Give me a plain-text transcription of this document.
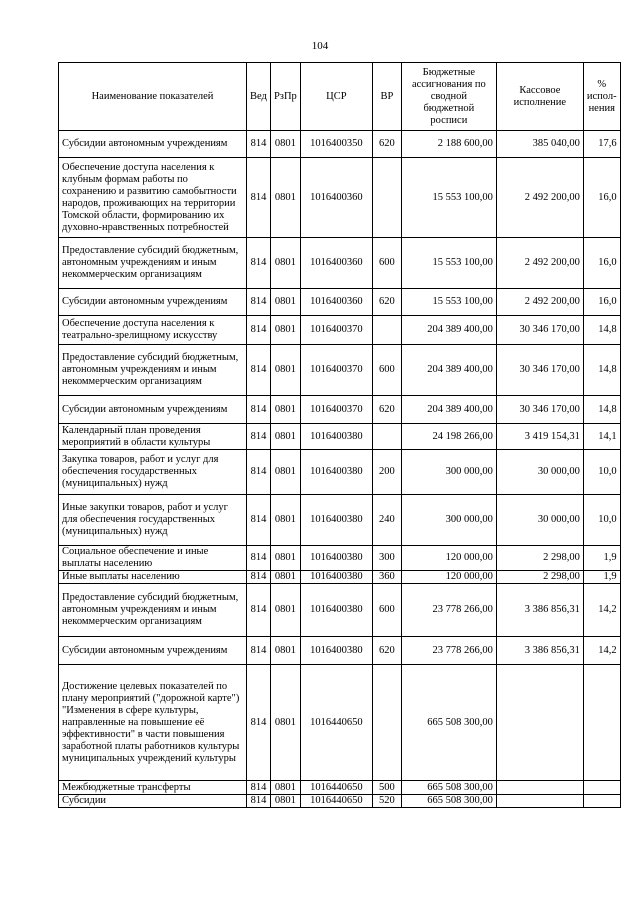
104
Наименование показателей	Вед	РзПр	ЦСР	ВР	Бюджетные ассигнования по сводной бюджетной росписи	Кассовое исполнение	% испол-нения
Субсидии автономным учреждениям	814	0801	1016400350	620	2 188 600,00	385 040,00	17,6
Обеспечение доступа населения к клубным формам работы по сохранению и развитию самобытности народов, проживающих на территории Томской области, формированию их духовно-нравственных потребностей	814	0801	1016400360		15 553 100,00	2 492 200,00	16,0
Предоставление субсидий бюджетным, автономным учреждениям и иным некоммерческим организациям	814	0801	1016400360	600	15 553 100,00	2 492 200,00	16,0
Субсидии автономным учреждениям	814	0801	1016400360	620	15 553 100,00	2 492 200,00	16,0
Обеспечение доступа населения к театрально-зрелищному искусству	814	0801	1016400370		204 389 400,00	30 346 170,00	14,8
Предоставление субсидий бюджетным, автономным учреждениям и иным некоммерческим организациям	814	0801	1016400370	600	204 389 400,00	30 346 170,00	14,8
Субсидии автономным учреждениям	814	0801	1016400370	620	204 389 400,00	30 346 170,00	14,8
Календарный план проведения мероприятий в области культуры	814	0801	1016400380		24 198 266,00	3 419 154,31	14,1
Закупка товаров, работ и услуг для обеспечения государственных (муниципальных) нужд	814	0801	1016400380	200	300 000,00	30 000,00	10,0
Иные закупки товаров, работ и услуг для обеспечения государственных (муниципальных) нужд	814	0801	1016400380	240	300 000,00	30 000,00	10,0
Социальное обеспечение и иные выплаты населению	814	0801	1016400380	300	120 000,00	2 298,00	1,9
Иные выплаты населению	814	0801	1016400380	360	120 000,00	2 298,00	1,9
Предоставление субсидий бюджетным, автономным учреждениям и иным некоммерческим организациям	814	0801	1016400380	600	23 778 266,00	3 386 856,31	14,2
Субсидии автономным учреждениям	814	0801	1016400380	620	23 778 266,00	3 386 856,31	14,2
Достижение целевых показателей по плану мероприятий ("дорожной карте") "Изменения в сфере культуры, направленные на повышение её эффективности" в части повышения заработной платы работников культуры муниципальных учреждений культуры	814	0801	1016440650		665 508 300,00		
Межбюджетные трансферты	814	0801	1016440650	500	665 508 300,00		
Субсидии	814	0801	1016440650	520	665 508 300,00		
